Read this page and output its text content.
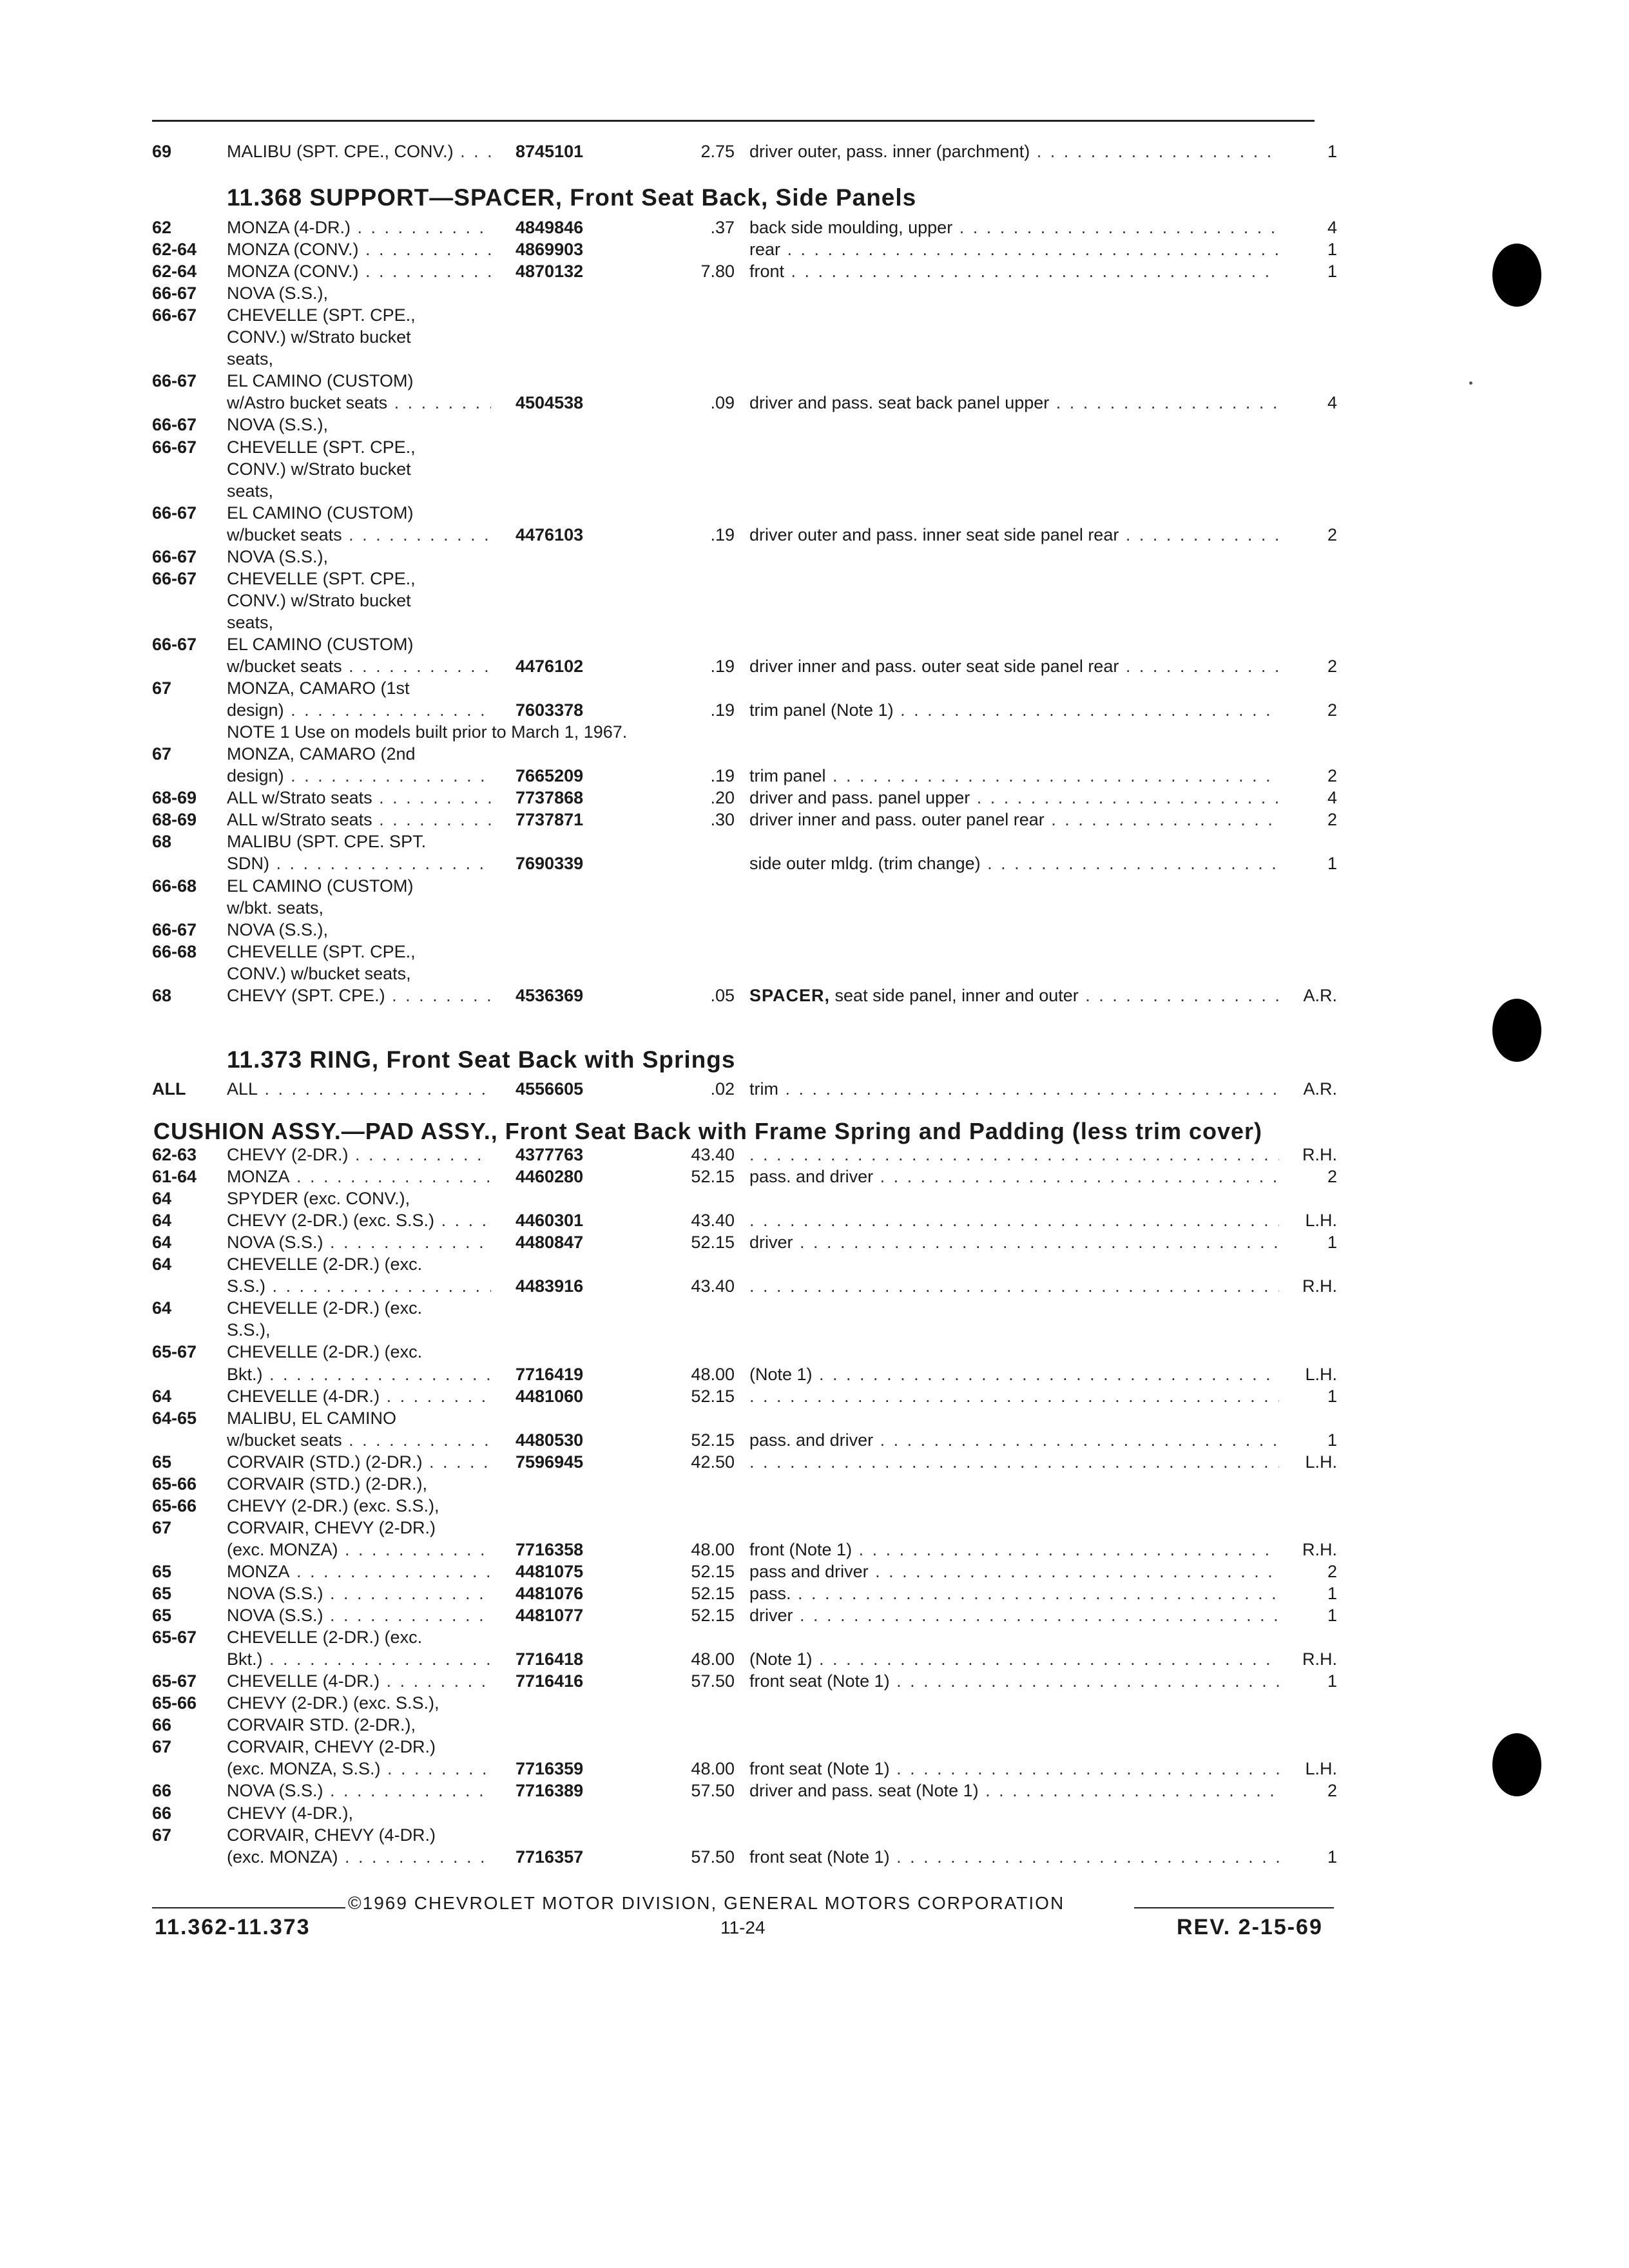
69	MALIBU (SPT. CPE., CONV.) . . .	8745101	2.75 driver outer, pass. inner (parchment) . . .	1
62	MONZA (4-DR.) . . .	4849846	.37 back side moulding, upper . . .	4
62-64 MONZA (CONV.) . . .	4869903	rear . . .	1
62-64 MONZA (CONV.) . . .	4870132	7.80 front . . .	1
66-67 NOVA (S.S.),
66-67 CHEVELLE (SPT. CPE.,
CONV.) w/Strato bucket
seats,
66-67 EL CAMINO (CUSTOM)
w/Astro bucket seats . . .	4504538	.09 driver and pass. seat back panel upper . . .	4
66-67 NOVA (S.S.),
66-67 CHEVELLE (SPT. CPE.,
CONV.) w/Strato bucket
seats,
66-67 EL CAMINO (CUSTOM)
w/bucket seats . . .	4476103	.19 driver outer and pass. inner seat side panel rear . . .	2
66-67 NOVA (S.S.),
66-67 CHEVELLE (SPT. CPE.,
CONV.) w/Strato bucket
seats,
66-67 EL CAMINO (CUSTOM)
w/bucket seats . . .	4476102	.19 driver inner and pass. outer seat side panel rear . . .	2
67	MONZA, CAMARO (1st
design) . . .	7603378	.19 trim panel (Note 1) . . .	2
NOTE 1 Use on models built prior to March 1, 1967.
67	MONZA, CAMARO (2nd
design) . . .	7665209	.19 trim panel . . .	2
68-69 ALL w/Strato seats . . .	7737868	.20 driver and pass. panel upper . . .	4
68-69 ALL w/Strato seats . . .	7737871	.30 driver inner and pass. outer panel rear . . .	2
68	MALIBU (SPT. CPE. SPT.
SDN) . . .	7690339	side outer mldg. (trim change) . . .	1
66-68 EL CAMINO (CUSTOM)
w/bkt. seats,
66-67 NOVA (S.S.),
66-68 CHEVELLE (SPT. CPE.,
CONV.) w/bucket seats,
68	CHEVY (SPT. CPE.) . . .	4536369	.05 SPACER, seat side panel, inner and outer . . .	A.R.
ALL ALL . . .	4556605	.02 trim . . .	A.R.
62-63 CHEVY (2-DR.) . . .	4377763	43.40 . . .	R.H.
61-64 MONZA . . .	4460280	52.15 pass. and driver . . .	2
64	SPYDER (exc. CONV.),
64	CHEVY (2-DR.) (exc. S.S.) . . .	4460301	43.40 . . .	L.H.
64	NOVA (S.S.) . . .	4480847	52.15 driver . . .	1
64	CHEVELLE (2-DR.) (exc.
S.S.) . . .	4483916	43.40 . . .	R.H.
64	CHEVELLE (2-DR.) (exc.
S.S.),
65-67 CHEVELLE (2-DR.) (exc.
Bkt.) . . .	7716419	48.00 (Note 1) . . .	L.H.
64	CHEVELLE (4-DR.) . . .	4481060	52.15 . . .	1
64-65 MALIBU, EL CAMINO
w/bucket seats . . .	4480530	52.15 pass. and driver . . .	1
65	CORVAIR (STD.) (2-DR.) . . .	7596945	42.50 . . .	L.H.
65-66 CORVAIR (STD.) (2-DR.),
65-66 CHEVY (2-DR.) (exc. S.S.),
67	CORVAIR, CHEVY (2-DR.)
(exc. MONZA) . . .	7716358	48.00 front (Note 1) . . .	R.H.
65	MONZA . . .	4481075	52.15 pass and driver . . .	2
65	NOVA (S.S.) . . .	4481076	52.15 pass. . . .	1
65	NOVA (S.S.) . . .	4481077	52.15 driver . . .	1
65-67 CHEVELLE (2-DR.) (exc.
Bkt.) . . .	7716418	48.00 (Note 1) . . .	R.H.
65-67 CHEVELLE (4-DR.) . . .	7716416	57.50 front seat (Note 1) . . .	1
65-66 CHEVY (2-DR.) (exc. S.S.),
66	CORVAIR STD. (2-DR.),
67	CORVAIR, CHEVY (2-DR.)
(exc. MONZA, S.S.) . . .	7716359	48.00 front seat (Note 1) . . .	L.H.
66	NOVA (S.S.) . . .	7716389	57.50 driver and pass. seat (Note 1) . . .	2
66	CHEVY (4-DR.),
67	CORVAIR, CHEVY (4-DR.)
(exc. MONZA) . . .	7716357	57.50 front seat (Note 1) . . .	1
11.368 SUPPORT—SPACER, Front Seat Back, Side Panels
11.373 RING, Front Seat Back with Springs
CUSHION ASSY.—PAD ASSY., Front Seat Back with Frame Spring and Padding (less trim cover)
©1969 CHEVROLET MOTOR DIVISION, GENERAL MOTORS CORPORATION
11.362-11.373	11-24	REV. 2-15-69
